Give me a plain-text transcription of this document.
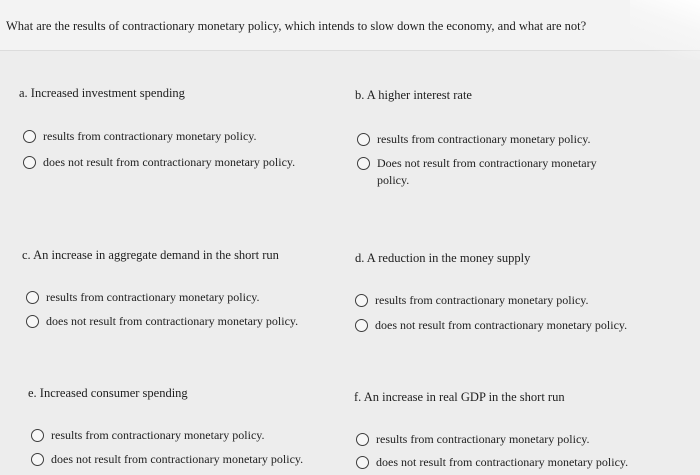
What are the results of contractionary monetary policy, which intends to slow down the economy, and what are not?
a. Increased investment spending
results from contractionary monetary policy.
does not result from contractionary monetary policy.
b. A higher interest rate
results from contractionary monetary policy.
Does not result from contractionary monetary policy.
c. An increase in aggregate demand in the short run
results from contractionary monetary policy.
does not result from contractionary monetary policy.
d. A reduction in the money supply
results from contractionary monetary policy.
does not result from contractionary monetary policy.
e. Increased consumer spending
results from contractionary monetary policy.
does not result from contractionary monetary policy.
f. An increase in real GDP in the short run
results from contractionary monetary policy.
does not result from contractionary monetary policy.
